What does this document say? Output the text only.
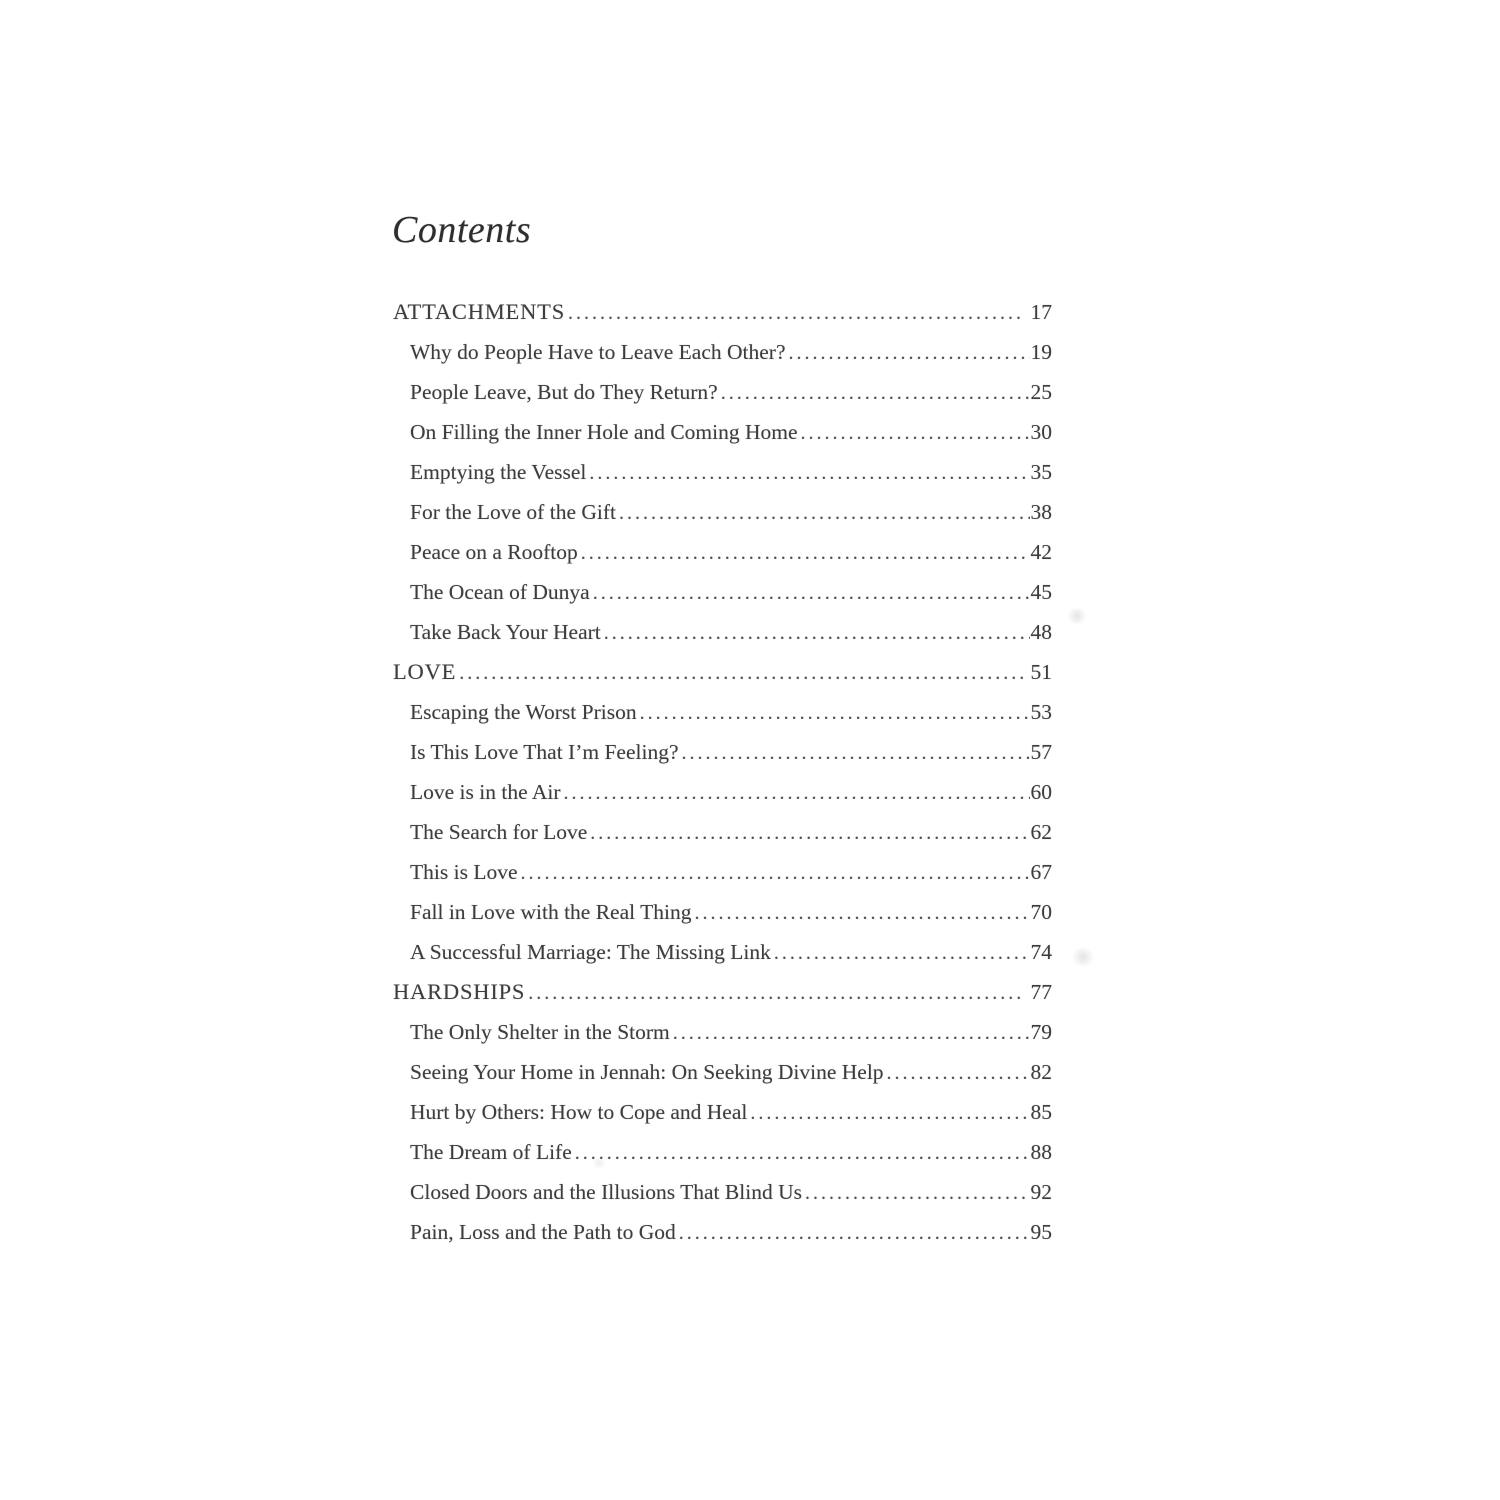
Contents
ATTACHMENTS .....	17
Why do People Have to Leave Each Other? .....	19
People Leave, But do They Return? .....	25
On Filling the Inner Hole and Coming Home .....	30
Emptying the Vessel .....	35
For the Love of the Gift .....	38
Peace on a Rooftop .....	42
The Ocean of Dunya .....	45
Take Back Your Heart .....	48
LOVE .....	51
Escaping the Worst Prison .....	53
Is This Love That I’m Feeling? .....	57
Love is in the Air .....	60
The Search for Love .....	62
This is Love .....	67
Fall in Love with the Real Thing .....	70
A Successful Marriage: The Missing Link .....	74
HARDSHIPS .....	77
The Only Shelter in the Storm .....	79
Seeing Your Home in Jennah: On Seeking Divine Help .....	82
Hurt by Others: How to Cope and Heal .....	85
The Dream of Life .....	88
Closed Doors and the Illusions That Blind Us .....	92
Pain, Loss and the Path to God .....	95
